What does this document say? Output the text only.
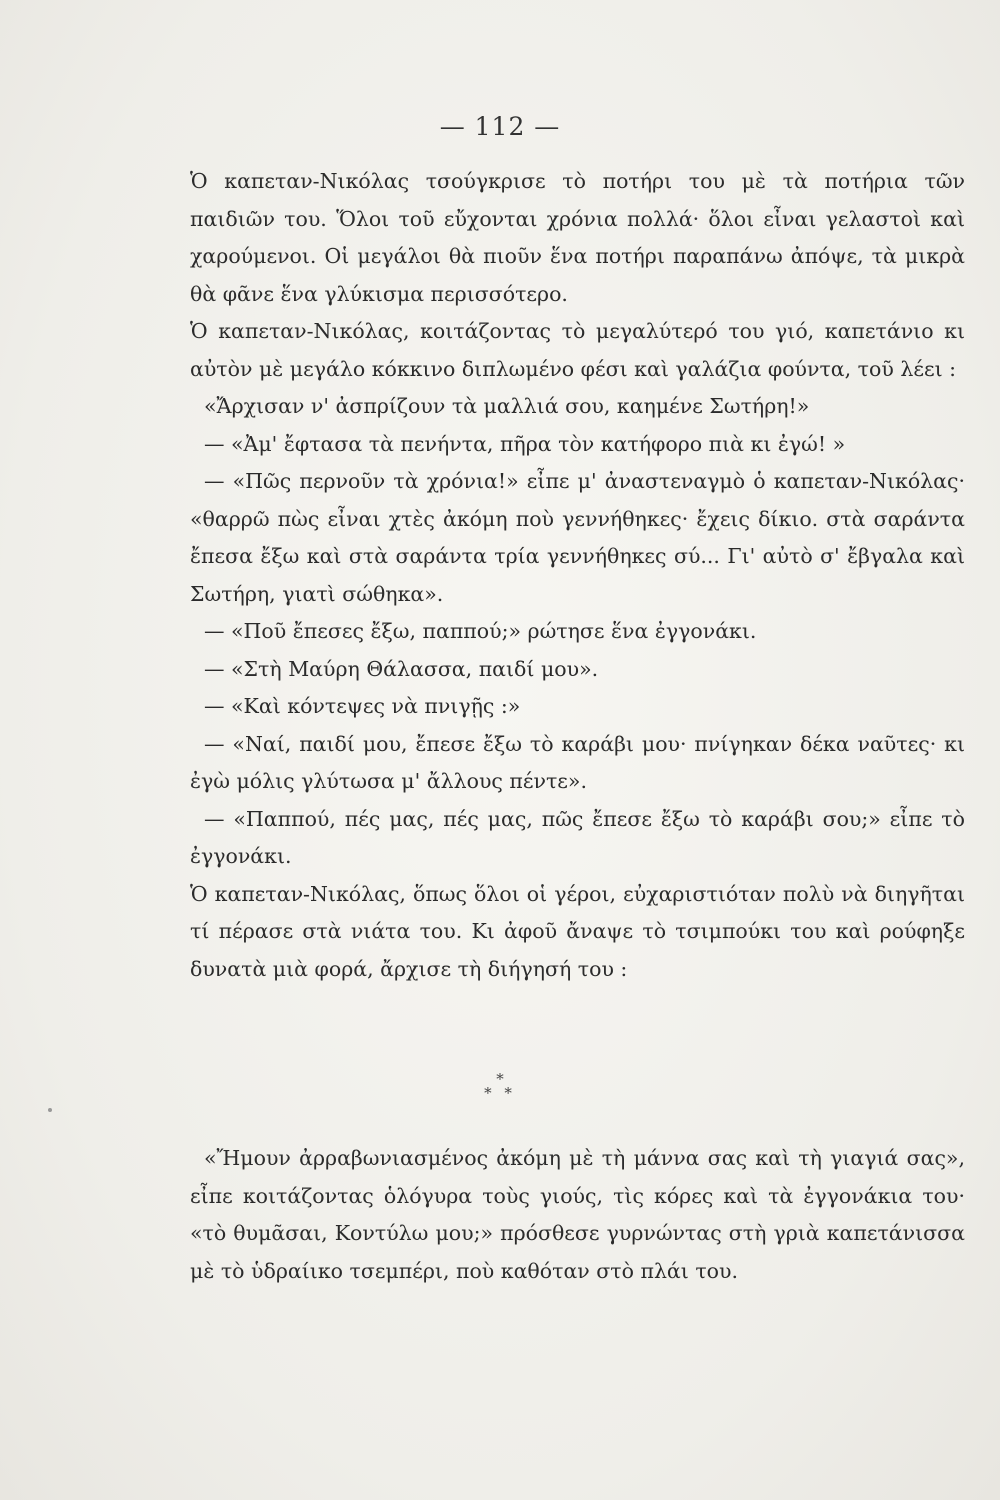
— 112 —

Ὁ καπεταν-Νικόλας τσούγκρισε τὸ ποτήρι του μὲ τὰ ποτήρια τῶν παιδιῶν του. Ὅλοι τοῦ εὔχονται χρόνια πολλά· ὅλοι εἶναι γελαστοὶ καὶ χαρούμενοι. Οἱ μεγάλοι θὰ πιοῦν ἕνα ποτήρι παραπάνω ἀπόψε, τὰ μικρὰ θὰ φᾶνε ἕνα γλύκισμα περισσότερο.

Ὁ καπεταν-Νικόλας, κοιτάζοντας τὸ μεγαλύτερό του γιό, καπετάνιο κι αὐτὸν μὲ μεγάλο κόκκινο διπλωμένο φέσι καὶ γαλάζια φούντα, τοῦ λέει :

«Ἄρχισαν ν' ἀσπρίζουν τὰ μαλλιά σου, καημένε Σωτήρη!»

— «Ἀμ' ἔφτασα τὰ πενήντα, πῆρα τὸν κατήφορο πιὰ κι ἐγώ! »

— «Πῶς περνοῦν τὰ χρόνια!» εἶπε μ' ἀναστεναγμὸ ὁ καπεταν-Νικόλας· «θαρρῶ πὼς εἶναι χτὲς ἀκόμη ποὺ γεννήθηκες· ἔχεις δίκιο. στὰ σαράντα ἔπεσα ἔξω καὶ στὰ σαράντα τρία γεννήθηκες σύ... Γι' αὐτὸ σ' ἔβγαλα καὶ Σωτήρη, γιατὶ σώθηκα».

— «Ποῦ ἔπεσες ἔξω, παππού;» ρώτησε ἕνα ἐγγονάκι.

— «Στὴ Μαύρη Θάλασσα, παιδί μου».

— «Καὶ κόντεψες νὰ πνιγῇς :»

— «Ναί, παιδί μου, ἔπεσε ἔξω τὸ καράβι μου· πνίγηκαν δέκα ναῦτες· κι ἐγὼ μόλις γλύτωσα μ' ἄλλους πέντε».

— «Παππού, πές μας, πές μας, πῶς ἔπεσε ἔξω τὸ καράβι σου;» εἶπε τὸ ἐγγονάκι.

Ὁ καπεταν-Νικόλας, ὅπως ὅλοι οἱ γέροι, εὐχαριστιόταν πολὺ νὰ διηγῆται τί πέρασε στὰ νιάτα του. Κι ἀφοῦ ἄναψε τὸ τσιμπούκι του καὶ ρούφηξε δυνατὰ μιὰ φορά, ἄρχισε τὴ διήγησή του :

*
* *

«Ἤμουν ἀρραβωνιασμένος ἀκόμη μὲ τὴ μάννα σας καὶ τὴ γιαγιά σας», εἶπε κοιτάζοντας ὁλόγυρα τοὺς γιούς, τὶς κόρες καὶ τὰ ἐγγονάκια του· «τὸ θυμᾶσαι, Κοντύλω μου;» πρόσθεσε γυρνώντας στὴ γριὰ καπετάνισσα μὲ τὸ ὑδραίικο τσεμπέρι, ποὺ καθόταν στὸ πλάι του.
